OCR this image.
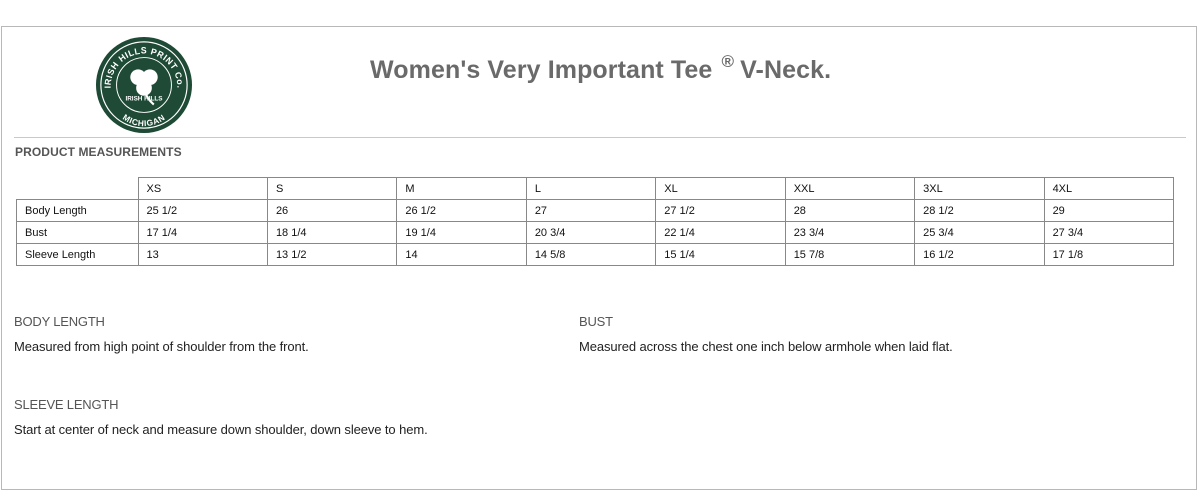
IRISH HILLS PRINT Co.
MICHIGAN
IRISH HILLS
Women's Very Important Tee ® V-Neck.
PRODUCT MEASUREMENTS
	XS	S	M	L	XL	XXL	3XL	4XL
Body Length	25 1/2	26	26 1/2	27	27 1/2	28	28 1/2	29
Bust	17 1/4	18 1/4	19 1/4	20 3/4	22 1/4	23 3/4	25 3/4	27 3/4
Sleeve Length	13	13 1/2	14	14 5/8	15 1/4	15 7/8	16 1/2	17 1/8
BODY LENGTH
Measured from high point of shoulder from the front.
BUST
Measured across the chest one inch below armhole when laid flat.
SLEEVE LENGTH
Start at center of neck and measure down shoulder, down sleeve to hem.
